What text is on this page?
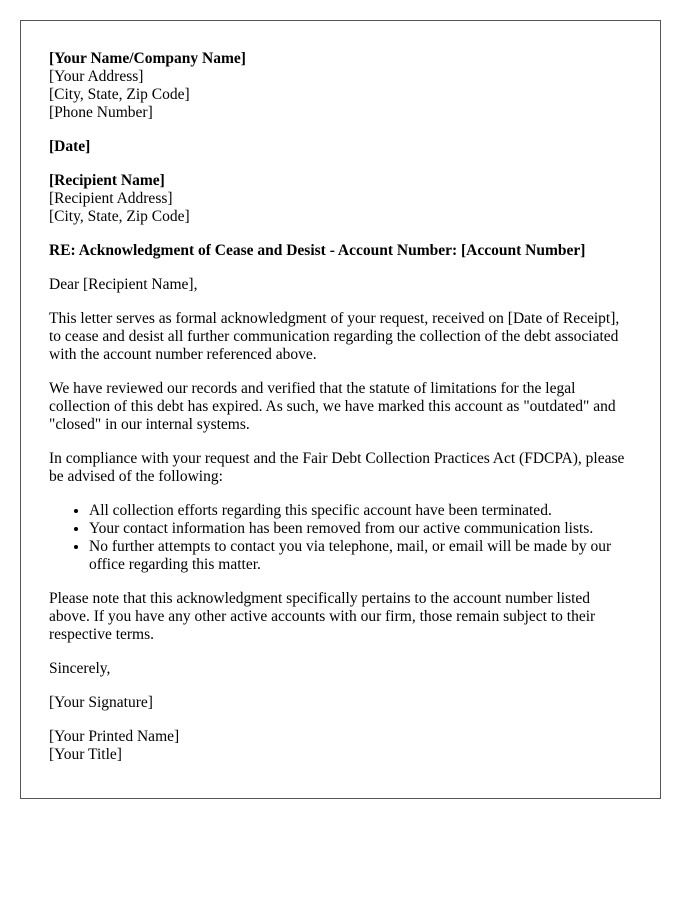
[Your Name/Company Name]
[Your Address]
[City, State, Zip Code]
[Phone Number]
[Date]
[Recipient Name]
[Recipient Address]
[City, State, Zip Code]

RE: Acknowledgment of Cease and Desist - Account Number: [Account Number]

Dear [Recipient Name],

This letter serves as formal acknowledgment of your request, received on [Date of Receipt], to cease and desist all further communication regarding the collection of the debt associated with the account number referenced above.

We have reviewed our records and verified that the statute of limitations for the legal collection of this debt has expired. As such, we have marked this account as "outdated" and "closed" in our internal systems.

In compliance with your request and the Fair Debt Collection Practices Act (FDCPA), please be advised of the following:

• All collection efforts regarding this specific account have been terminated.
• Your contact information has been removed from our active communication lists.
• No further attempts to contact you via telephone, mail, or email will be made by our office regarding this matter.

Please note that this acknowledgment specifically pertains to the account number listed above. If you have any other active accounts with our firm, those remain subject to their respective terms.

Sincerely,

[Your Signature]

[Your Printed Name]
[Your Title]
